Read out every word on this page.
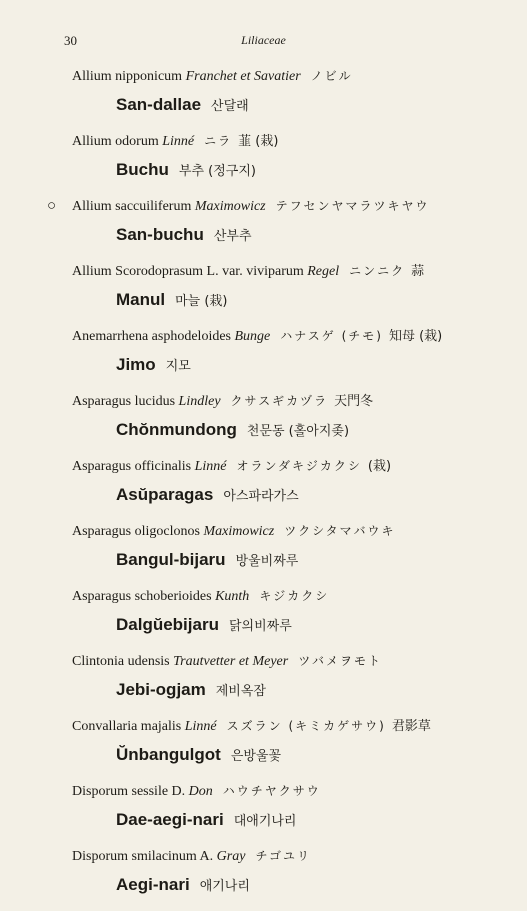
30	Liliaceae
Allium nipponicum Franchet et Savatier ノビル
San-dallae 산달래
Allium odorum Linné ニラ 韮 (栽)
Buchu 부추 (정구지)
○ Allium saccuiliferum Maximowicz テフセンヤマラツキヤウ
San-buchu 산부추
Allium Scorodoprasum L. var. viviparum Regel ニンニク 蒜
Manul 마늘 (栽)
Anemarrhena asphodeloides Bunge ハナスゲ (チモ) 知母 (栽)
Jimo 지모
Asparagus lucidus Lindley クサスギカヅラ 天門冬
Chŏnmundong 천문동 (홀아지좆)
Asparagus officinalis Linné オランダキジカクシ (栽)
Asŭparagas 아스파라가스
Asparagus oligoclonos Maximowicz ツクシタマバウキ
Bangul-bijaru 방울비짜루
Asparagus schoberioides Kunth キジカクシ
Dalgŭebijaru 닭의비짜루
Clintonia udensis Trautvetter et Meyer ツバメヲモト
Jebi-ogjam 제비옥잠
Convallaria majalis Linné スズラン (キミカゲサウ) 君影草
Ŭnbangulgot 은방울꽃
Disporum sessile D. Don ハウチヤクサウ
Dae-aegi-nari 대애기나리
Disporum smilacinum A. Gray チゴユリ
Aegi-nari 애기나리
